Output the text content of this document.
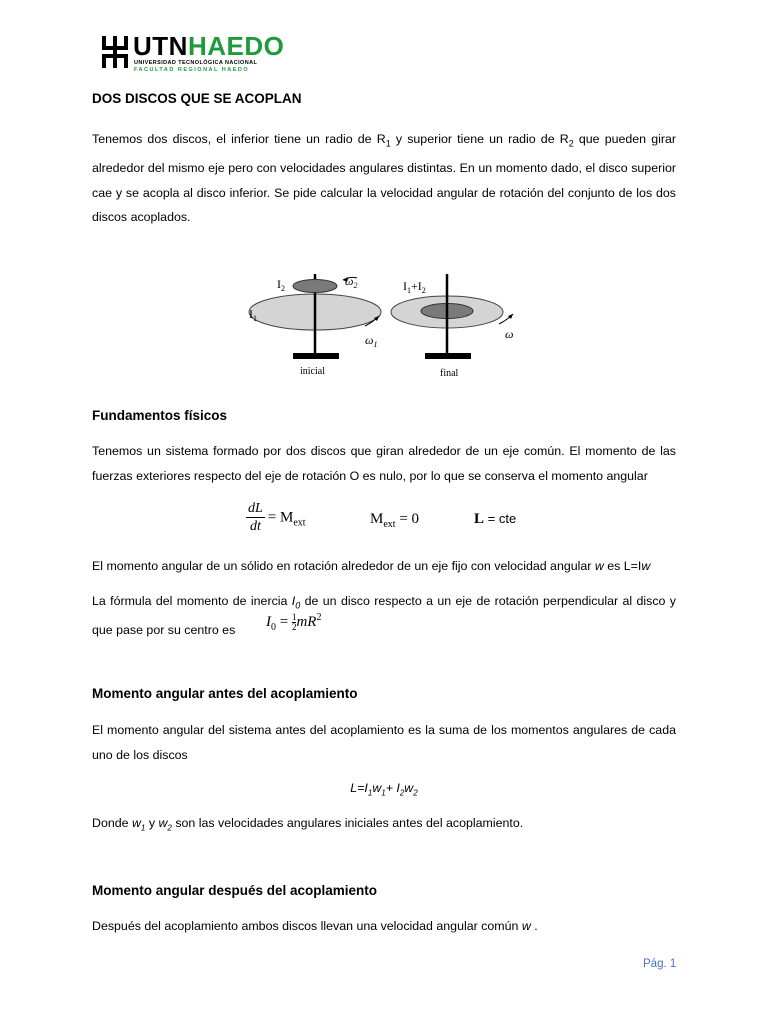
UTNHAEDO
UNIVERSIDAD TECNOLÓGICA NACIONAL
FACULTAD REGIONAL HAEDO
DOS DISCOS QUE SE ACOPLAN
Tenemos dos discos, el inferior tiene un radio de $R_1$ y superior tiene un radio de $R_2$ que pueden girar alrededor del mismo eje pero con velocidades angulares distintas. En un momento dado, el disco superior cae y se acopla al disco inferior. Se pide calcular la velocidad angular de rotación del conjunto de los dos discos acoplados.
$I_2$
$\omega_2$
$I_1$
$\omega_1$
$I_1+I_2$
ω
inicial	final
Fundamentos físicos
Tenemos un sistema formado por dos discos que giran alrededor de un eje común. El momento de las fuerzas exteriores respecto del eje de rotación O es nulo, por lo que se conserva el momento angular
$\frac{dL}{dt} = M_{ext}$	$M_{ext} = 0$	L = cte
El momento angular de un sólido en rotación alrededor de un eje fijo con velocidad angular w es L=Iw
La fórmula del momento de inercia $I_0$ de un disco respecto a un eje de rotación perpendicular al disco y que pase por su centro es
$I_0 = \frac{1}{2} mR^2$
Momento angular antes del acoplamiento
El momento angular del sistema antes del acoplamiento es la suma de los momentos angulares de cada uno de los discos
$L=I_1w_1+ I_2w_2$
Donde $w_1$ y $w_2$ son las velocidades angulares iniciales antes del acoplamiento.
Momento angular después del acoplamiento
Después del acoplamiento ambos discos llevan una velocidad angular común w .
Pág. 1
